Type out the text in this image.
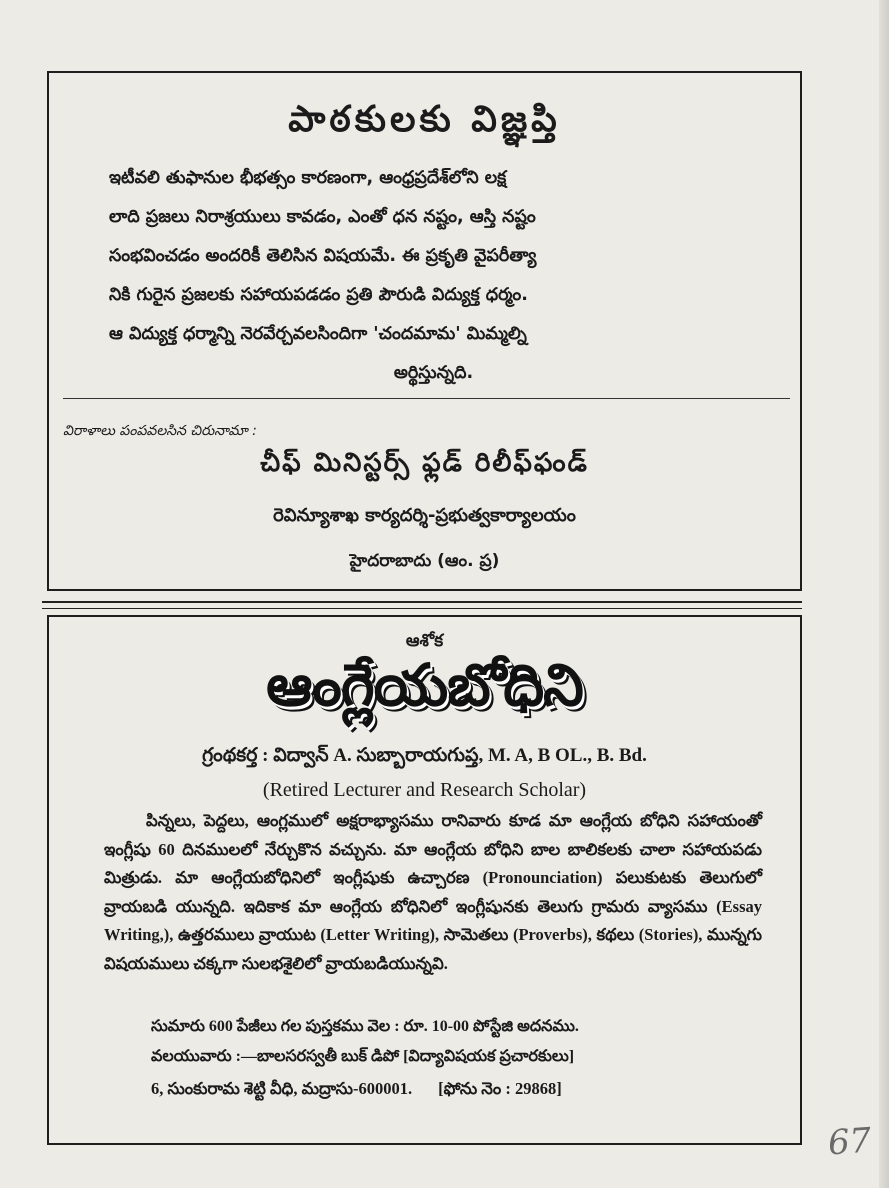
పాఠకులకు విజ్ఞప్తి
ఇటీవలి తుఫానుల భీభత్సం కారణంగా, ఆంధ్రప్రదేశ్‌లోని లక్ష
లాది ప్రజలు నిరాశ్రయులు కావడం, ఎంతో ధన నష్టం, ఆస్తి నష్టం
సంభవించడం అందరికీ తెలిసిన విషయమే. ఈ ప్రకృతి వైపరీత్యా
నికి గురైన ప్రజలకు సహాయపడడం ప్రతి పౌరుడి విద్యుక్త ధర్మం.
ఆ విద్యుక్త ధర్మాన్ని నెరవేర్చవలసిందిగా 'చందమామ' మిమ్మల్ని
అర్థిస్తున్నది.
విరాళాలు పంపవలసిన చిరునామా :
చీఫ్ మినిస్టర్స్ ఫ్లడ్ రిలీఫ్‌ఫండ్
రెవిన్యూశాఖ కార్యదర్శి-ప్రభుత్వకార్యాలయం
హైదరాబాదు (ఆం. ప్ర)
ఆశోక
ఆంగ్లేయబోధిని
గ్రంథకర్త : విద్వాన్ A. సుబ్బారాయగుప్త, M. A, B OL., B. Bd.
(Retired Lecturer and Research Scholar)

పిన్నలు, పెద్దలు, ఆంగ్లములో అక్షరాభ్యాసము రానివారు కూడ మా ఆంగ్లేయ బోధిని సహాయంతో ఇంగ్లీషు 60 దినములలో నేర్చుకొన వచ్చును. మా ఆంగ్లేయ బోధిని బాల బాలికలకు చాలా సహాయపడు మిత్రుడు. మా ఆంగ్లేయబోధినిలో ఇంగ్లీషుకు ఉచ్చారణ (Pronounciation) పలుకుటకు తెలుగులో వ్రాయబడి యున్నది. ఇదికాక మా ఆంగ్లేయ బోధినిలో ఇంగ్లీషునకు తెలుగు గ్రామరు వ్యాసము (Essay Writing,), ఉత్తరములు వ్రాయుట (Letter Writing), సామెతలు (Proverbs), కథలు (Stories), మున్నగు విషయములు చక్కగా సులభశైలిలో వ్రాయబడియున్నవి.

సుమారు 600 పేజీలు గల పుస్తకము వెల : రూ. 10-00 పోస్టేజి అదనము.
వలయువారు :—బాలసరస్వతీ బుక్ డిపో [విద్యావిషయక ప్రచారకులు]
6, సుంకురామ శెట్టి వీధి, మద్రాసు-600001. [ఫోను నెం : 29868]
67
